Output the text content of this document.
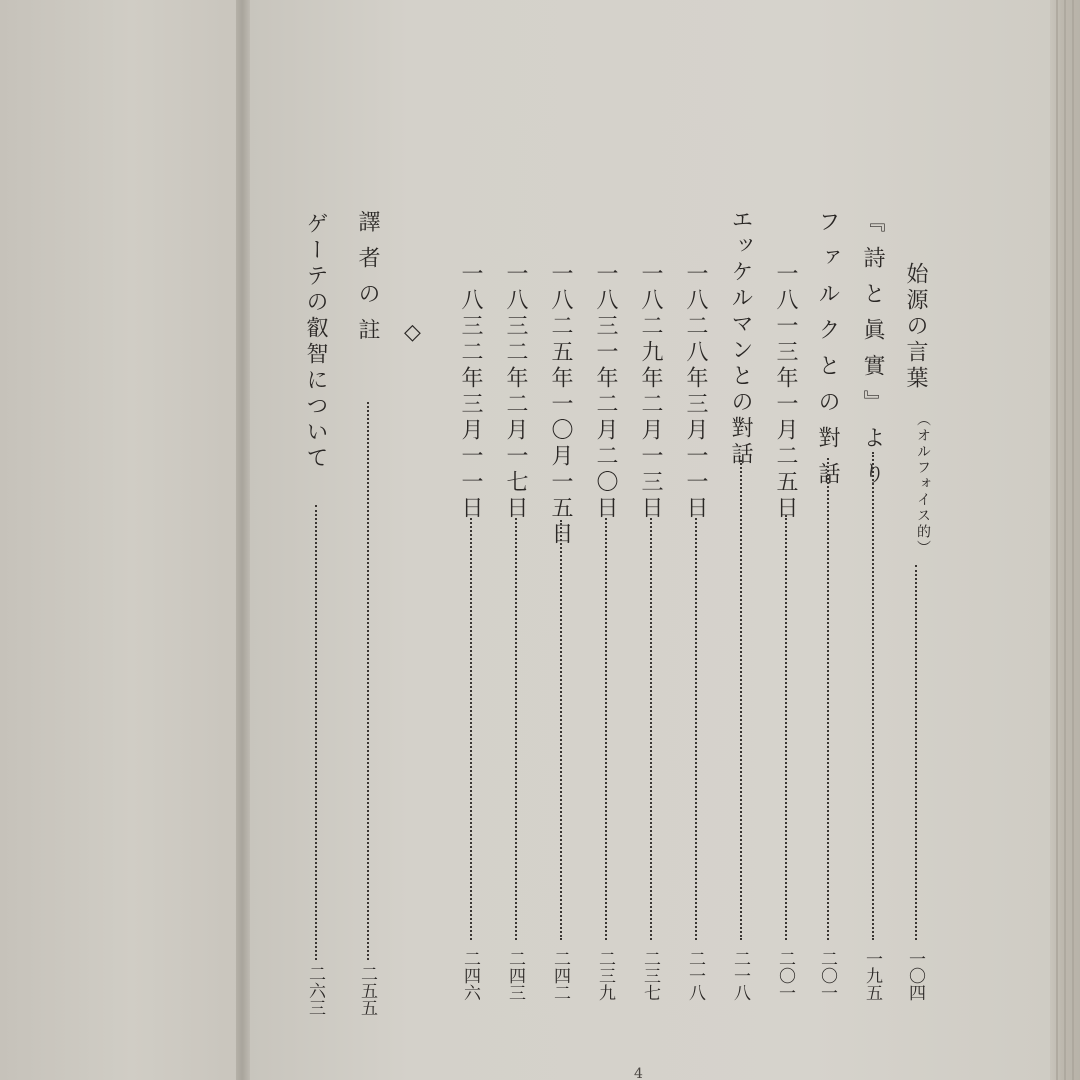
始源の言葉
（オルフォイス的）
一〇四
『詩と眞實』より
一九五
ファルクとの對話
二〇一
一八一三年一月二五日
二〇一
エッケルマンとの對話
二一八
一八二八年三月一一日
二一八
一八二九年二月一三日
二三七
一八三一年二月二〇日
二三九
一八二五年一〇月一五日
二四二
一八三二年二月一七日
二四三
一八三二年三月一一日
二四六
◇
譯者の註
二五五
ゲーテの叡智について
二六三
4
